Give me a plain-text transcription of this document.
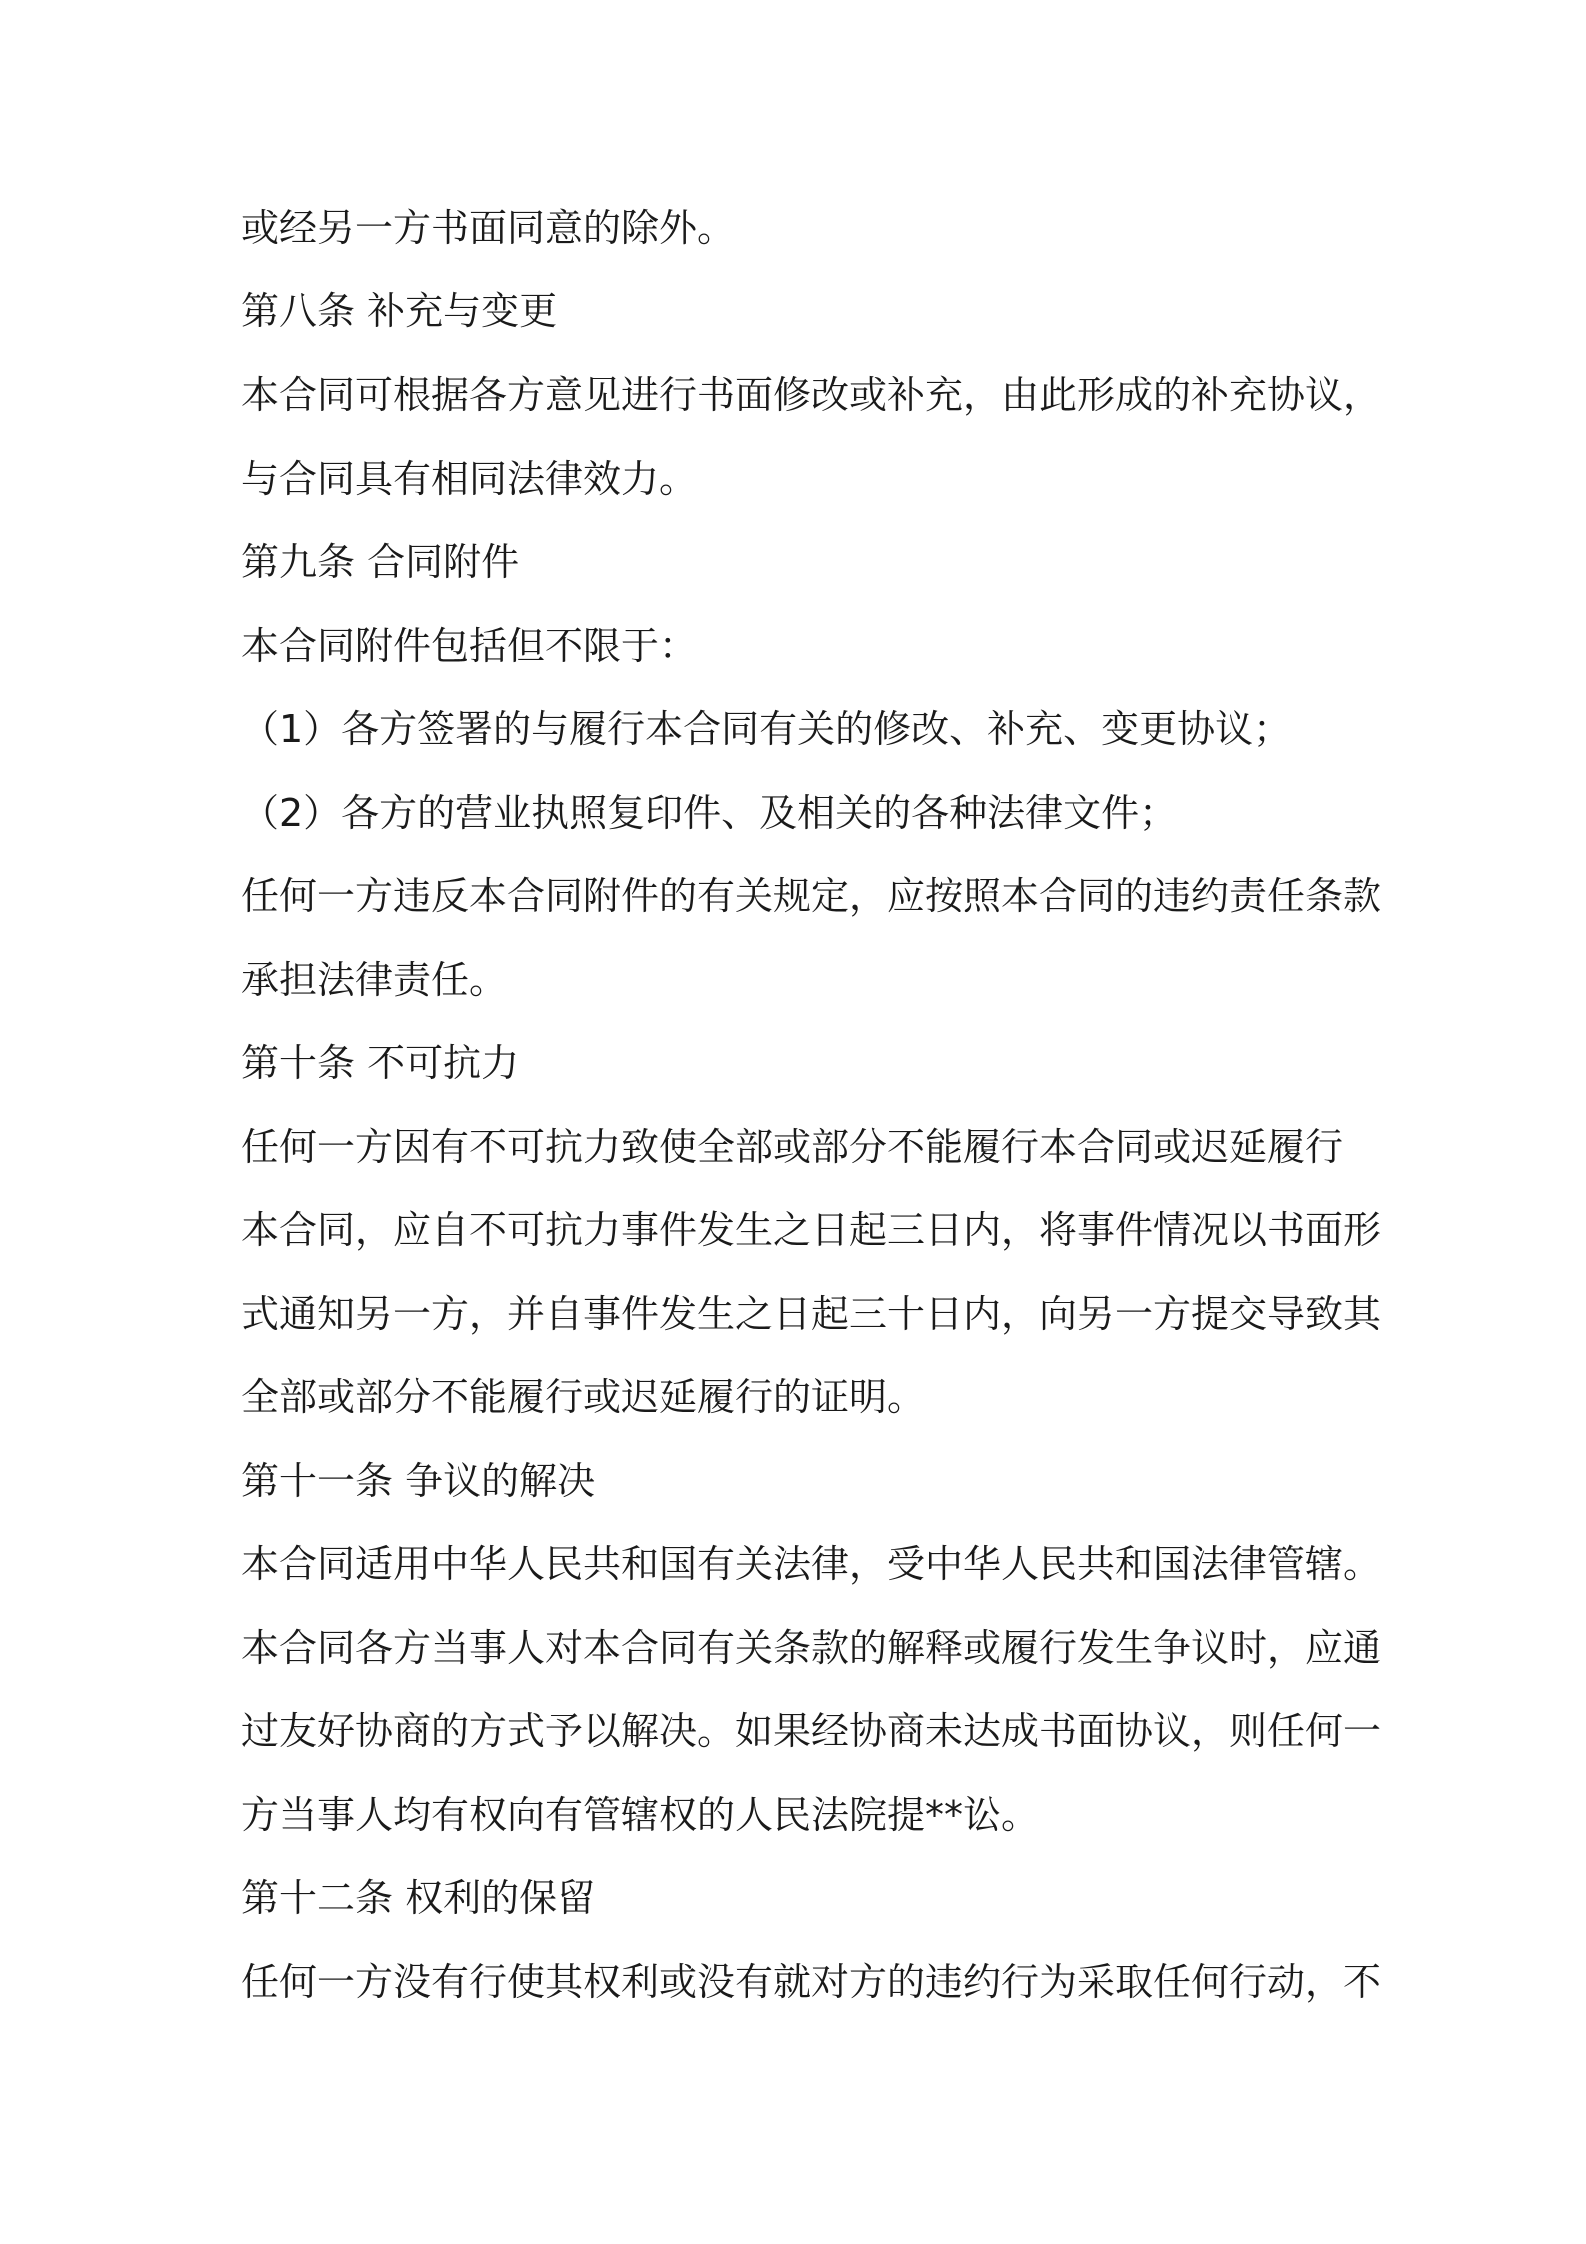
或经另一方书面同意的除外。
第八条 补充与变更
本合同可根据各方意见进行书面修改或补充，由此形成的补充协议，
与合同具有相同法律效力。
第九条 合同附件
本合同附件包括但不限于：
（1）各方签署的与履行本合同有关的修改、补充、变更协议；
（2）各方的营业执照复印件、及相关的各种法律文件；
任何一方违反本合同附件的有关规定，应按照本合同的违约责任条款
承担法律责任。
第十条 不可抗力
任何一方因有不可抗力致使全部或部分不能履行本合同或迟延履行
本合同，应自不可抗力事件发生之日起三日内，将事件情况以书面形
式通知另一方，并自事件发生之日起三十日内，向另一方提交导致其
全部或部分不能履行或迟延履行的证明。
第十一条 争议的解决
本合同适用中华人民共和国有关法律，受中华人民共和国法律管辖。
本合同各方当事人对本合同有关条款的解释或履行发生争议时，应通
过友好协商的方式予以解决。如果经协商未达成书面协议，则任何一
方当事人均有权向有管辖权的人民法院提**讼。
第十二条 权利的保留
任何一方没有行使其权利或没有就对方的违约行为采取任何行动，不
